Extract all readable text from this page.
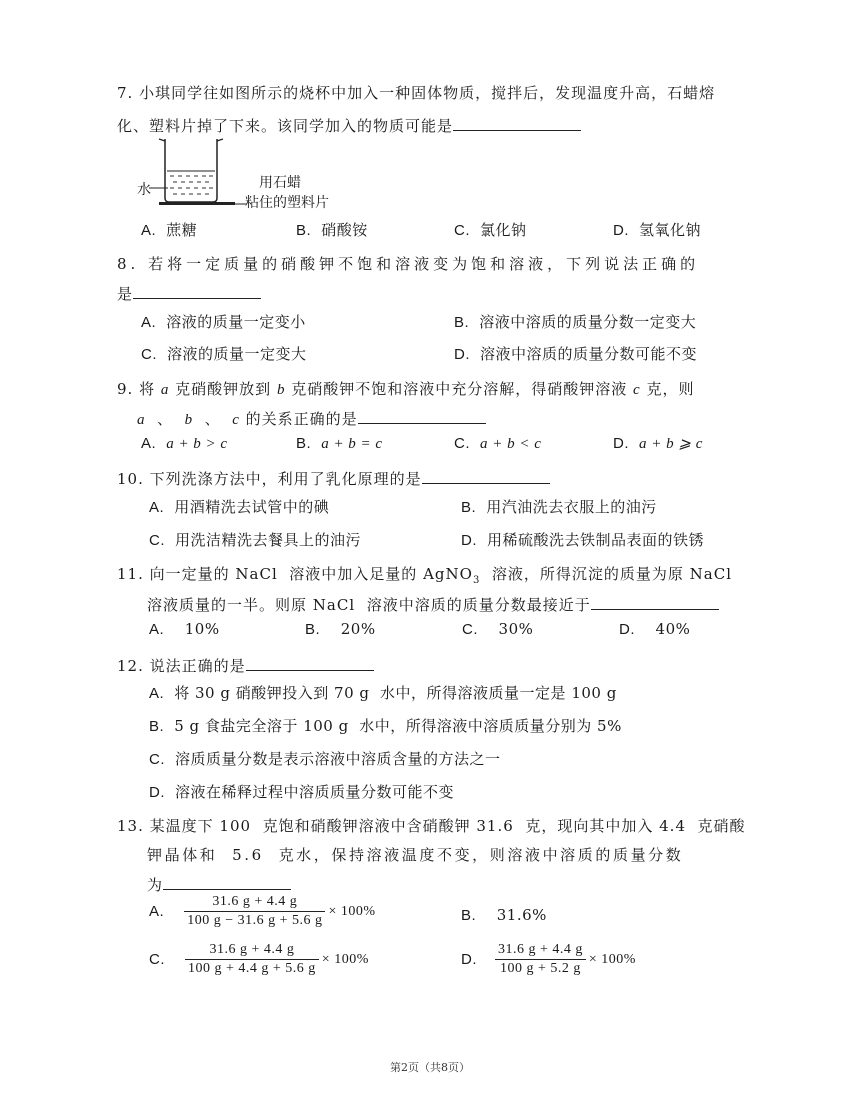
7. 小琪同学往如图所示的烧杯中加入一种固体物质，搅拌后，发现温度升高，石蜡熔
化、塑料片掉了下来。该同学加入的物质可能是
水	用石蜡
粘住的塑料片
A. 蔗糖	B. 硝酸铵	C. 氯化钠	D. 氢氧化钠
8. 若将一定质量的硝酸钾不饱和溶液变为饱和溶液，下列说法正确的
是
A. 溶液的质量一定变小	B. 溶液中溶质的质量分数一定变大
C. 溶液的质量一定变大	D. 溶液中溶质的质量分数可能不变
9. 将 a 克硝酸钾放到 b 克硝酸钾不饱和溶液中充分溶解，得硝酸钾溶液 c 克，则
a 、 b 、 c 的关系正确的是
A. a + b > c	B. a + b = c	C. a + b < c	D. a + b ⩾ c
10. 下列洗涤方法中，利用了乳化原理的是
A. 用酒精洗去试管中的碘	B. 用汽油洗去衣服上的油污
C. 用洗洁精洗去餐具上的油污	D. 用稀硫酸洗去铁制品表面的铁锈
11. 向一定量的 NaCl 溶液中加入足量的 AgNO$_3$ 溶液，所得沉淀的质量为原 NaCl
溶液质量的一半。则原 NaCl 溶液中溶质的质量分数最接近于
A. 10%	B. 20%	C. 30%	D. 40%
12. 说法正确的是
A. 将 30 g 硝酸钾投入到 70 g 水中，所得溶液质量一定是 100 g
B. 5 g 食盐完全溶于 100 g 水中，所得溶液中溶质质量分别为 5%
C. 溶质质量分数是表示溶液中溶质含量的方法之一
D. 溶液在稀释过程中溶质质量分数可能不变
13. 某温度下 100 克饱和硝酸钾溶液中含硝酸钾 31.6 克，现向其中加入 4.4 克硝酸
钾晶体和 5.6 克水，保持溶液温度不变，则溶液中溶质的质量分数
为
A. $\frac{31.6 g + 4.4 g}{100 g - 31.6 g + 5.6 g} \times 100\%$	B. 31.6%
C. $\frac{31.6 g + 4.4 g}{100 g + 4.4 g + 5.6 g} \times 100\%$	D. $\frac{31.6 g + 4.4 g}{100 g + 5.2 g} \times 100\%$
第2页（共8页）
